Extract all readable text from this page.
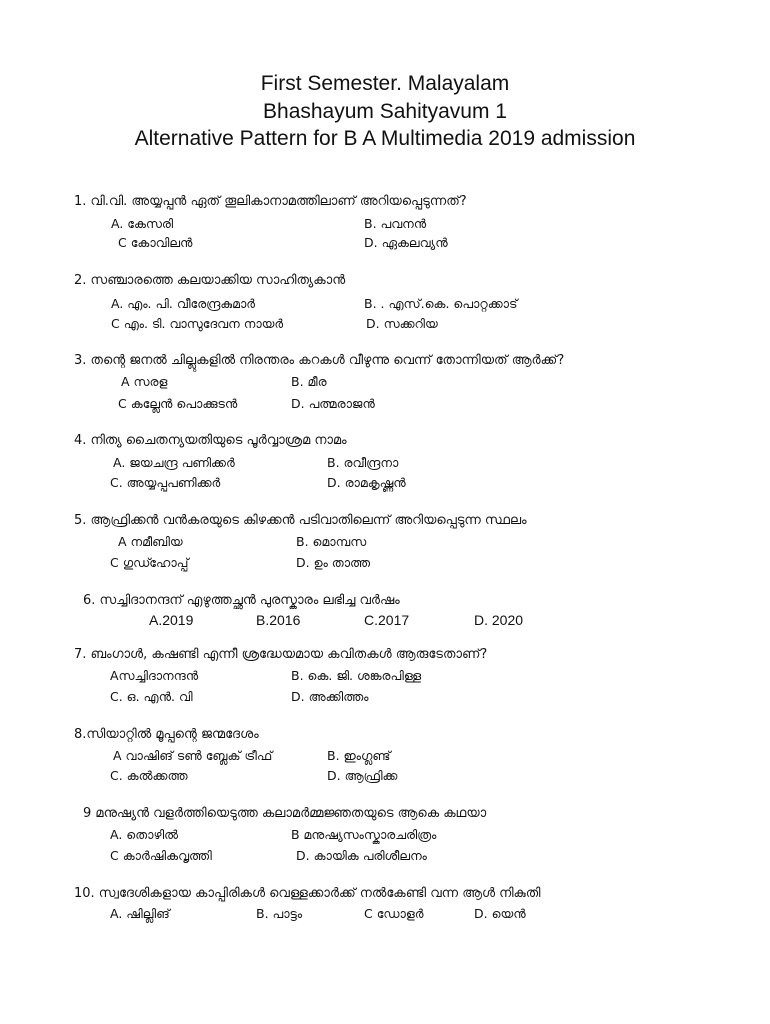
First Semester. Malayalam
Bhashayum Sahityavum 1
Alternative Pattern for B A Multimedia 2019 admission
1. വി.വി. അയ്യപ്പൻ ഏത് തൂലികാനാമത്തിലാണ് അറിയപ്പെടുന്നത്?
A. കേസരി	B. പവനൻ
C കോവിലൻ	D. ഏകലവ്യൻ
2. സഞ്ചാരത്തെ കലയാക്കിയ സാഹിത്യകാൻ
A. എം. പി. വീരേന്ദ്രകുമാർ	B. . എസ്.കെ. പൊറ്റക്കാട്
C എം. ടി. വാസുദേവന നായർ	D. സക്കറിയ
3. തന്റെ ജനൽ ചില്ലുകളിൽ നിരന്തരം കറകൾ വീഴുന്നു വെന്ന് തോന്നിയത് ആർക്ക്?
A സരള	B. മീര
C കല്ലേൻ പൊക്കുടൻ	D. പത്മരാജൻ
4. നിത്യ ചൈതന്യയതിയുടെ പൂർവ്വാശ്രമ നാമം
A. ജയചന്ദ്ര പണിക്കർ	B. രവീന്ദ്രനാ
C. അയ്യപ്പപണിക്കർ	D. രാമകൃഷ്ണൻ
5. ആഫ്രിക്കൻ വൻകരയുടെ കിഴക്കൻ പടിവാതിലെന്ന് അറിയപ്പെടുന്ന സ്ഥലം
A നമീബിയ	B. മൊമ്പസ
C ഗുഡ്ഹോപ്പ്	D. ഉം താത്ത
6. സച്ചിദാനന്ദന് എഴുത്തച്ഛൻ പുരസ്കാരം ലഭിച്ച വർഷം
A.2019	B.2016	C.2017	D. 2020
7. ബംഗാൾ, കഷണ്ടി എന്നീ ശ്രദ്ധേയമായ കവിതകൾ ആരുടേതാണ്?
Aസച്ചിദാനന്ദൻ	B. കെ. ജി. ശങ്കരപിള്ള
C. ഒ. എൻ. വി	D. അക്കിത്തം
8.സിയാറ്റിൽ മൂപ്പന്റെ ജന്മദേശം
A വാഷിങ് ടൺ ബ്ലേക് ട്രീഫ്	B. ഇംഗ്ലണ്ട്
C. കൽക്കത്ത	D. ആഫ്രിക്ക
9 മനുഷ്യൻ വളർത്തിയെടുത്ത കലാമർമ്മജ്ഞതയുടെ ആകെ കഥയാ
A. തൊഴിൽ	B മനുഷ്യസംസ്കാരചരിത്രം
C കാർഷികവൃത്തി	D. കായിക പരിശീലനം
10. സ്വദേശികളായ കാപ്പിരികൾ വെള്ളക്കാർക്ക് നൽകേണ്ടി വന്ന ആൾ നികുതി
A. ഷില്ലിങ്	B. പാട്ടം	C ഡോളർ	D. യെൻ
